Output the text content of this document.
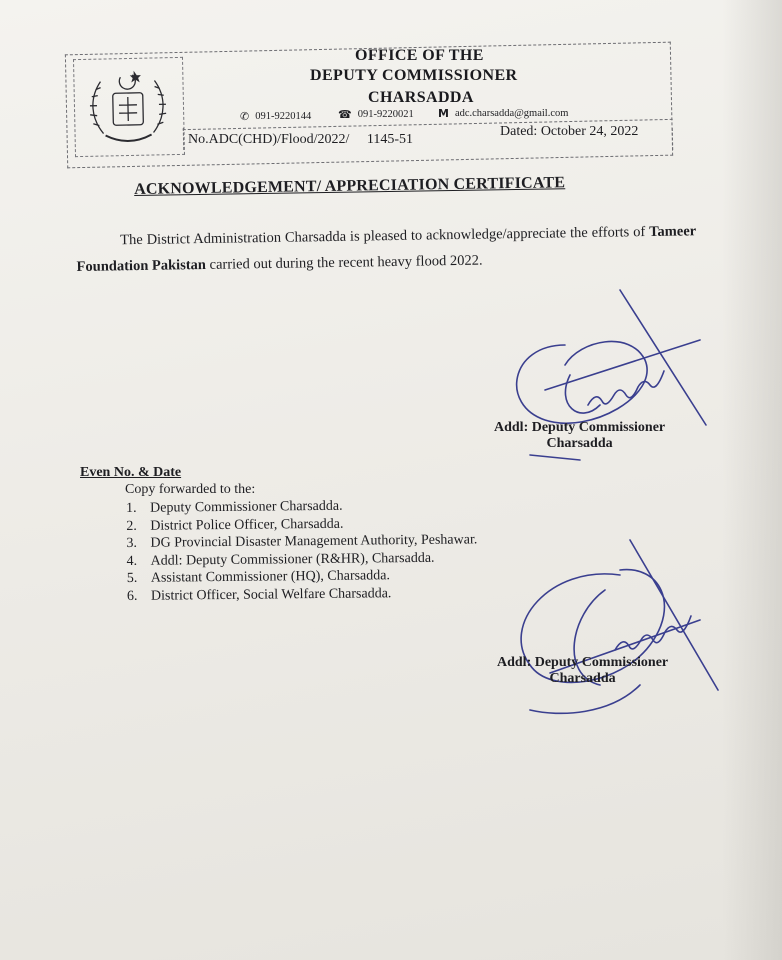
OFFICE OF THE
DEPUTY COMMISSIONER
CHARSADDA
✆ 091-9220144 ☎ 091-9220021 M adc.charsadda@gmail.com
No.ADC(CHD)/Flood/2022/     1145-51
Dated: October 24, 2022
ACKNOWLEDGEMENT/ APPRECIATION CERTIFICATE
The District Administration Charsadda is pleased to acknowledge/appreciate the efforts of Tameer Foundation Pakistan carried out during the recent heavy flood 2022.
Addl: Deputy Commissioner
Charsadda
Even No. & Date
Copy forwarded to the:
1. Deputy Commissioner Charsadda.
2. District Police Officer, Charsadda.
3. DG Provincial Disaster Management Authority, Peshawar.
4. Addl: Deputy Commissioner (R&HR), Charsadda.
5. Assistant Commissioner (HQ), Charsadda.
6. District Officer, Social Welfare Charsadda.
Addl: Deputy Commissioner
Charsadda
